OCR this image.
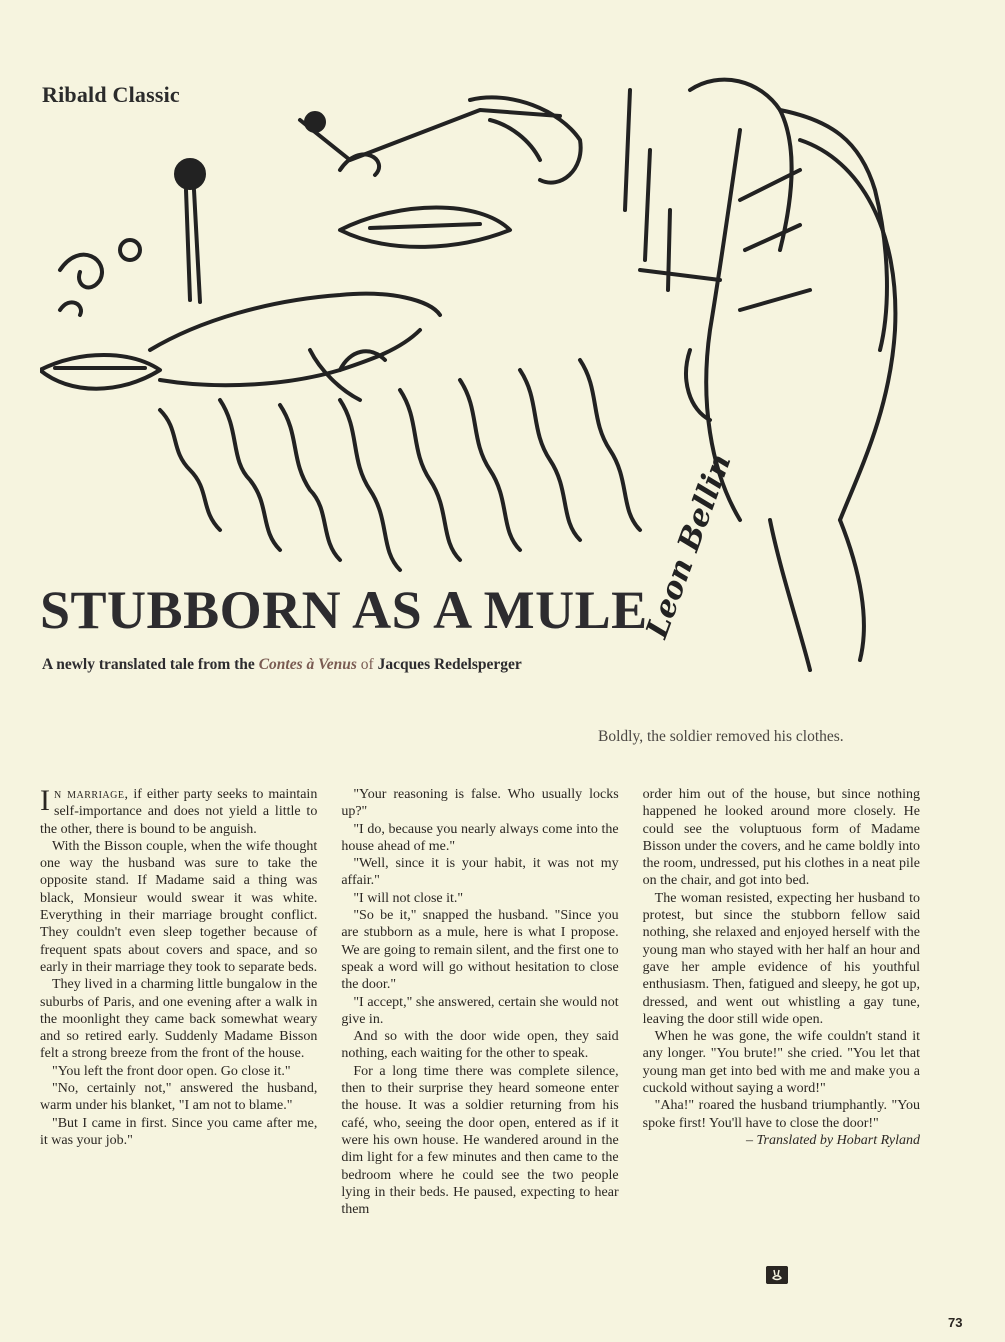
Ribald Classic
Leon Bellin
STUBBORN AS A MULE
A newly translated tale from the Contes à Venus of Jacques Redelsperger
Boldly, the soldier removed his clothes.

In marriage, if either party seeks to maintain self-importance and does not yield a little to the other, there is bound to be anguish.

With the Bisson couple, when the wife thought one way the husband was sure to take the opposite stand. If Madame said a thing was black, Monsieur would swear it was white. Everything in their marriage brought conflict. They couldn't even sleep together because of frequent spats about covers and space, and so early in their marriage they took to separate beds.

They lived in a charming little bungalow in the suburbs of Paris, and one evening after a walk in the moonlight they came back somewhat weary and so retired early. Suddenly Madame Bisson felt a strong breeze from the front of the house.

"You left the front door open. Go close it."

"No, certainly not," answered the husband, warm under his blanket, "I am not to blame."

"But I came in first. Since you came after me, it was your job."

"Your reasoning is false. Who usually locks up?"

"I do, because you nearly always come into the house ahead of me."

"Well, since it is your habit, it was not my affair."

"I will not close it."

"So be it," snapped the husband. "Since you are stubborn as a mule, here is what I propose. We are going to remain silent, and the first one to speak a word will go without hesitation to close the door."

"I accept," she answered, certain she would not give in.

And so with the door wide open, they said nothing, each waiting for the other to speak.

For a long time there was complete silence, then to their surprise they heard someone enter the house. It was a soldier returning from his café, who, seeing the door open, entered as if it were his own house. He wandered around in the dim light for a few minutes and then came to the bedroom where he could see the two people lying in their beds. He paused, expecting to hear them

order him out of the house, but since nothing happened he looked around more closely. He could see the voluptuous form of Madame Bisson under the covers, and he came boldly into the room, undressed, put his clothes in a neat pile on the chair, and got into bed.

The woman resisted, expecting her husband to protest, but since the stubborn fellow said nothing, she relaxed and enjoyed herself with the young man who stayed with her half an hour and gave her ample evidence of his youthful enthusiasm. Then, fatigued and sleepy, he got up, dressed, and went out whistling a gay tune, leaving the door still wide open.

When he was gone, the wife couldn't stand it any longer. "You brute!" she cried. "You let that young man get into bed with me and make you a cuckold without saying a word!"

"Aha!" roared the husband triumphantly. "You spoke first! You'll have to close the door!"

– Translated by Hobart Ryland

73
